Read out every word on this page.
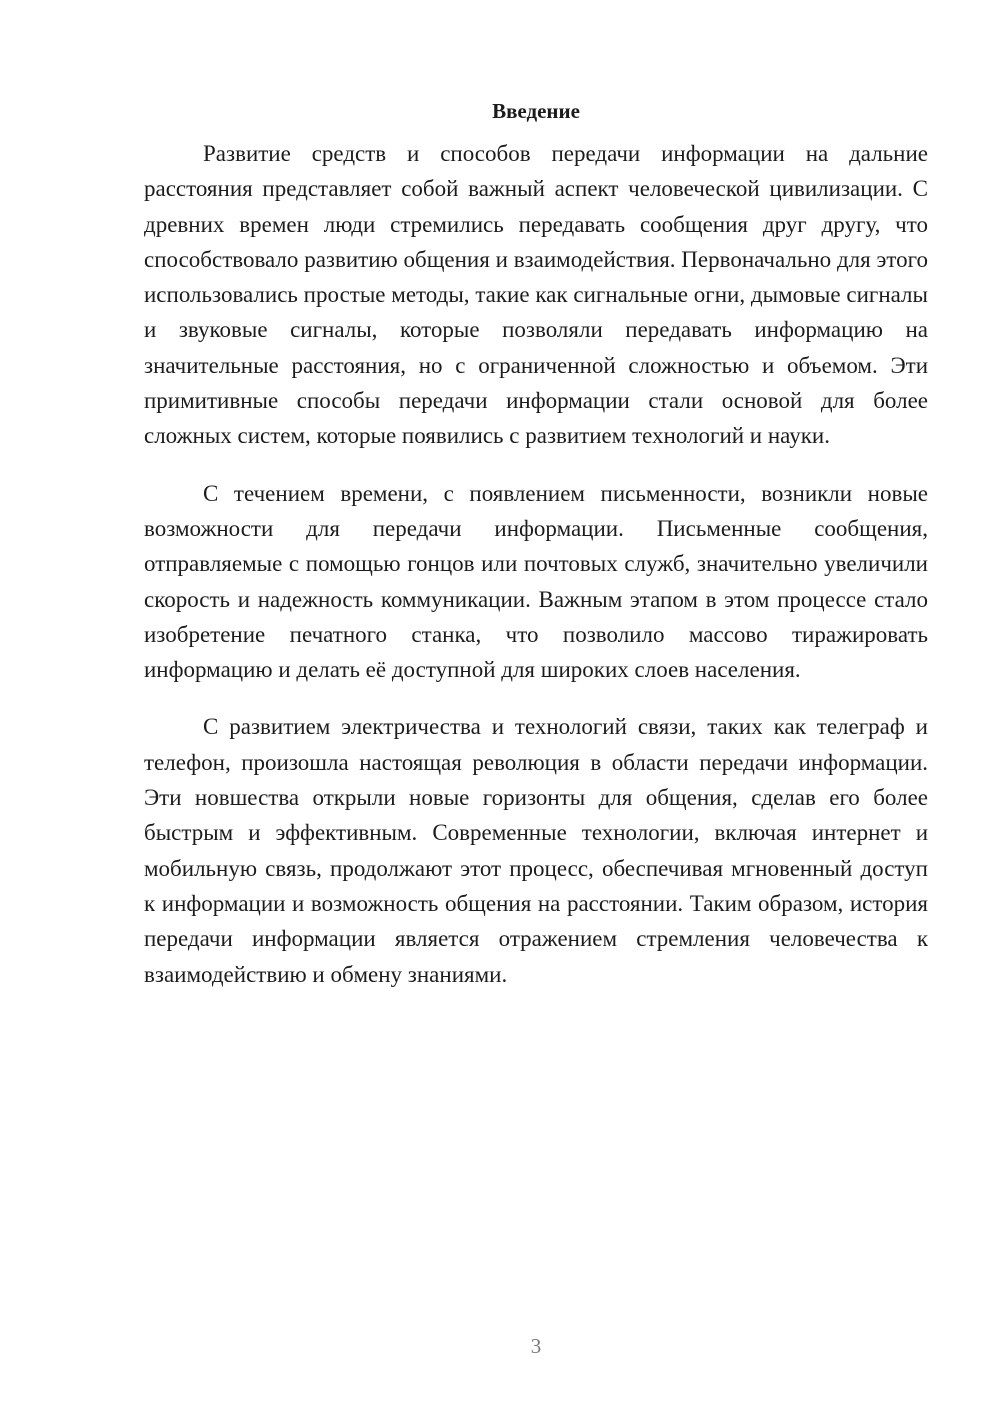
Введение

Развитие средств и способов передачи информации на дальние расстояния представляет собой важный аспект человеческой цивилизации. С древних времен люди стремились передавать сообщения друг другу, что способствовало развитию общения и взаимодействия. Первоначально для этого использовались простые методы, такие как сигнальные огни, дымовые сигналы и звуковые сигналы, которые позволяли передавать информацию на значительные расстояния, но с ограниченной сложностью и объемом. Эти примитивные способы передачи информации стали основой для более сложных систем, которые появились с развитием технологий и науки.

С течением времени, с появлением письменности, возникли новые возможности для передачи информации. Письменные сообщения, отправляемые с помощью гонцов или почтовых служб, значительно увеличили скорость и надежность коммуникации. Важным этапом в этом процессе стало изобретение печатного станка, что позволило массово тиражировать информацию и делать её доступной для широких слоев населения.

С развитием электричества и технологий связи, таких как телеграф и телефон, произошла настоящая революция в области передачи информации. Эти новшества открыли новые горизонты для общения, сделав его более быстрым и эффективным. Современные технологии, включая интернет и мобильную связь, продолжают этот процесс, обеспечивая мгновенный доступ к информации и возможность общения на расстоянии. Таким образом, история передачи информации является отражением стремления человечества к взаимодействию и обмену знаниями.

3
